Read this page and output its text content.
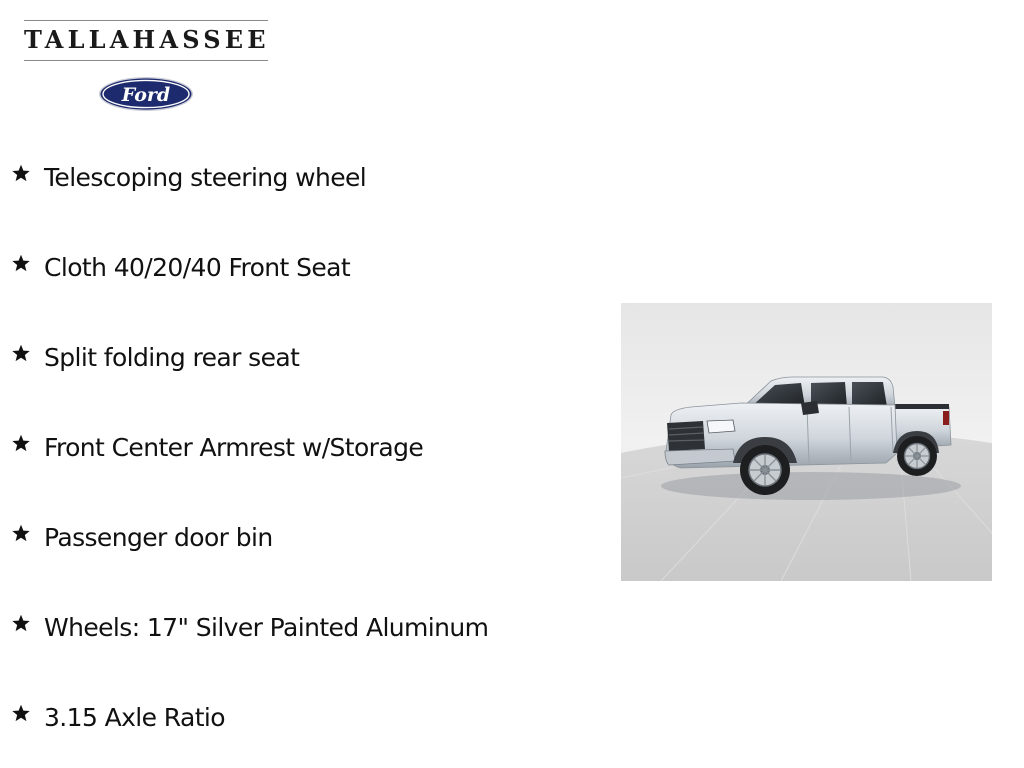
TALLAHASSEE
Ford
Telescoping steering wheel
Cloth 40/20/40 Front Seat
Split folding rear seat
Front Center Armrest w/Storage
Passenger door bin
Wheels: 17" Silver Painted Aluminum
3.15 Axle Ratio
